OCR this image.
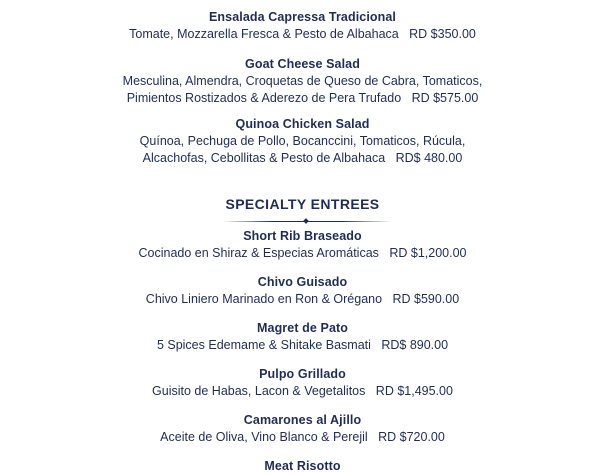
Ensalada Capressa Tradicional
Tomate, Mozzarella Fresca & Pesto de Albahaca   RD $350.00
Goat Cheese Salad
Mesculina, Almendra, Croquetas de Queso de Cabra, Tomaticos,
Pimientos Rostizados & Aderezo de Pera Trufado   RD $575.00
Quinoa Chicken Salad
Quínoa, Pechuga de Pollo, Bocanccini, Tomaticos, Rúcula,
Alcachofas, Cebollitas & Pesto de Albahaca   RD$ 480.00
SPECIALTY ENTREES
Short Rib Braseado
Cocinado en Shiraz & Especias Aromáticas   RD $1,200.00
Chivo Guisado
Chivo Liniero Marinado en Ron & Orégano   RD $590.00
Magret de Pato
5 Spices Edemame & Shitake Basmati   RD$ 890.00
Pulpo Grillado
Guisito de Habas, Lacon & Vegetalitos   RD $1,495.00
Camarones al Ajillo
Aceite de Oliva, Vino Blanco & Perejil   RD $720.00
Meat Risotto
